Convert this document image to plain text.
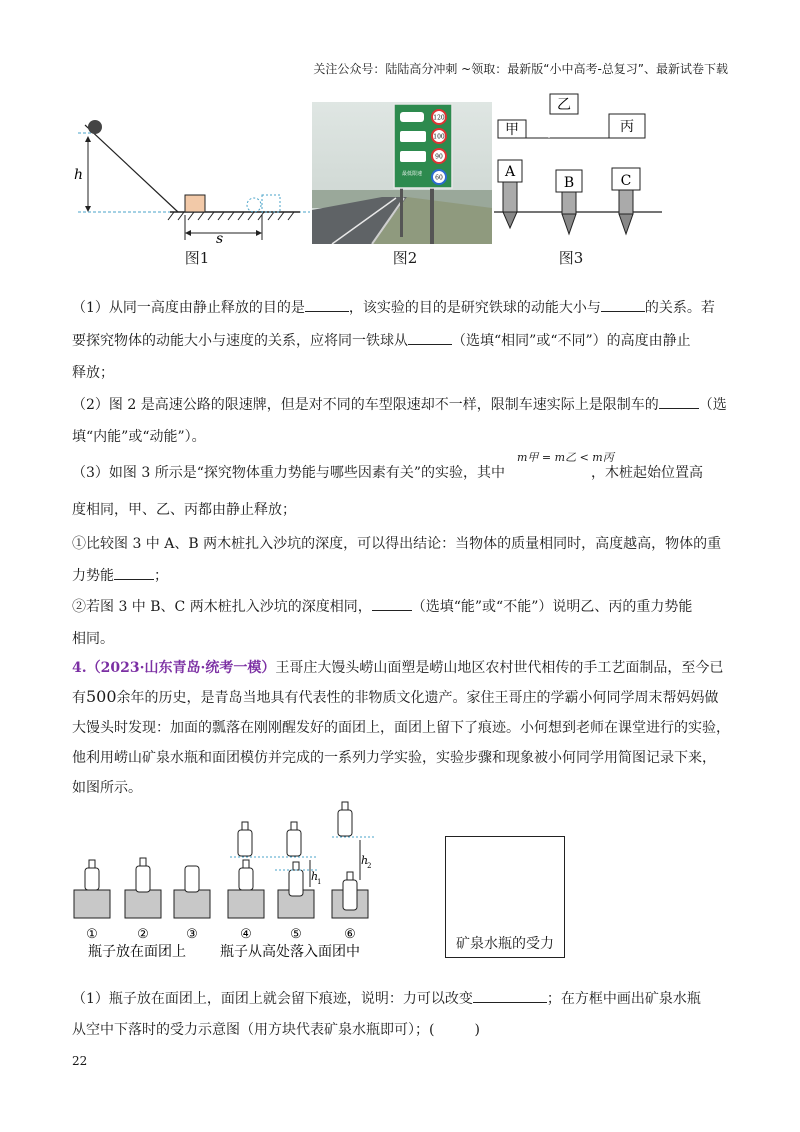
关注公众号：陆陆高分冲刺 ~领取：最新版“小中高考-总复习”、最新试卷下载
h
s
图1
120
100
90
60
最低限速
图2
甲
乙
丙
A
B	C
图3
（1）从同一高度由静止释放的目的是	，该实验的目的是研究铁球的动能大小与	的关系。若
要探究物体的动能大小与速度的关系，应将同一铁球从	（选填“相同”或“不同”）的高度由静止
释放；
（2）图 2 是高速公路的限速牌，但是对不同的车型限速却不一样，限制车速实际上是限制车的	（选
填“内能”或“动能”）。
（3）如图 3 所示是“探究物体重力势能与哪些因素有关”的实验，其中	，木桩起始位置高
m甲 = m乙 < m丙
度相同，甲、乙、丙都由静止释放；
①比较图 3 中 A、B 两木桩扎入沙坑的深度，可以得出结论：当物体的质量相同时，高度越高，物体的重
力势能	；
②若图 3 中 B、C 两木桩扎入沙坑的深度相同，	（选填“能”或“不能”）说明乙、丙的重力势能
相同。
4.（2023·山东青岛·统考一模）王哥庄大馒头崂山面塑是崂山地区农村世代相传的手工艺面制品，至今已
有500余年的历史，是青岛当地具有代表性的非物质文化遗产。家住王哥庄的学霸小何同学周末帮妈妈做
大馒头时发现：加面的瓢落在刚刚醒发好的面团上，面团上留下了痕迹。小何想到老师在课堂进行的实验，
他利用崂山矿泉水瓶和面团模仿并完成的一系列力学实验，实验步骤和现象被小何同学用简图记录下来，
如图所示。
h
1
h
2
①	②	③	④	⑤	⑥
瓶子放在面团上 瓶子从高处落入面团中	矿泉水瓶的受力
（1）瓶子放在面团上，面团上就会留下痕迹，说明：力可以改变	；在方框中画出矿泉水瓶
从空中下落时的受力示意图（用方块代表矿泉水瓶即可）；(	)
22
